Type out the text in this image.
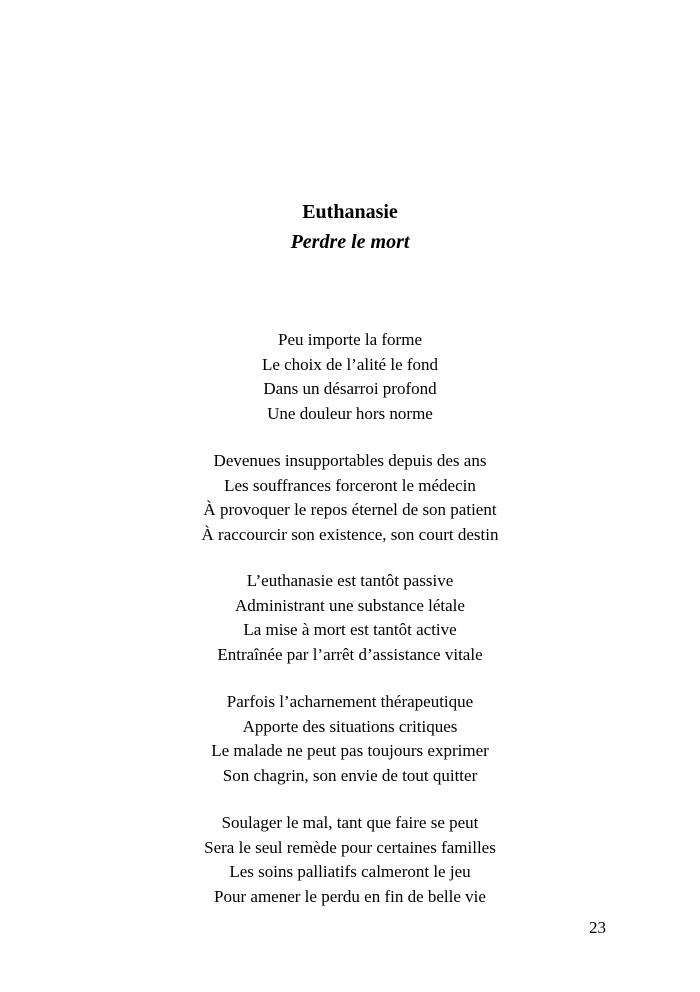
Euthanasie
Perdre le mort
Peu importe la forme
Le choix de l’alité le fond
Dans un désarroi profond
Une douleur hors norme
Devenues insupportables depuis des ans
Les souffrances forceront le médecin
À provoquer le repos éternel de son patient
À raccourcir son existence, son court destin
L’euthanasie est tantôt passive
Administrant une substance létale
La mise à mort est tantôt active
Entraînée par l’arrêt d’assistance vitale
Parfois l’acharnement thérapeutique
Apporte des situations critiques
Le malade ne peut pas toujours exprimer
Son chagrin, son envie de tout quitter
Soulager le mal, tant que faire se peut
Sera le seul remède pour certaines familles
Les soins palliatifs calmeront le jeu
Pour amener le perdu en fin de belle vie
23
